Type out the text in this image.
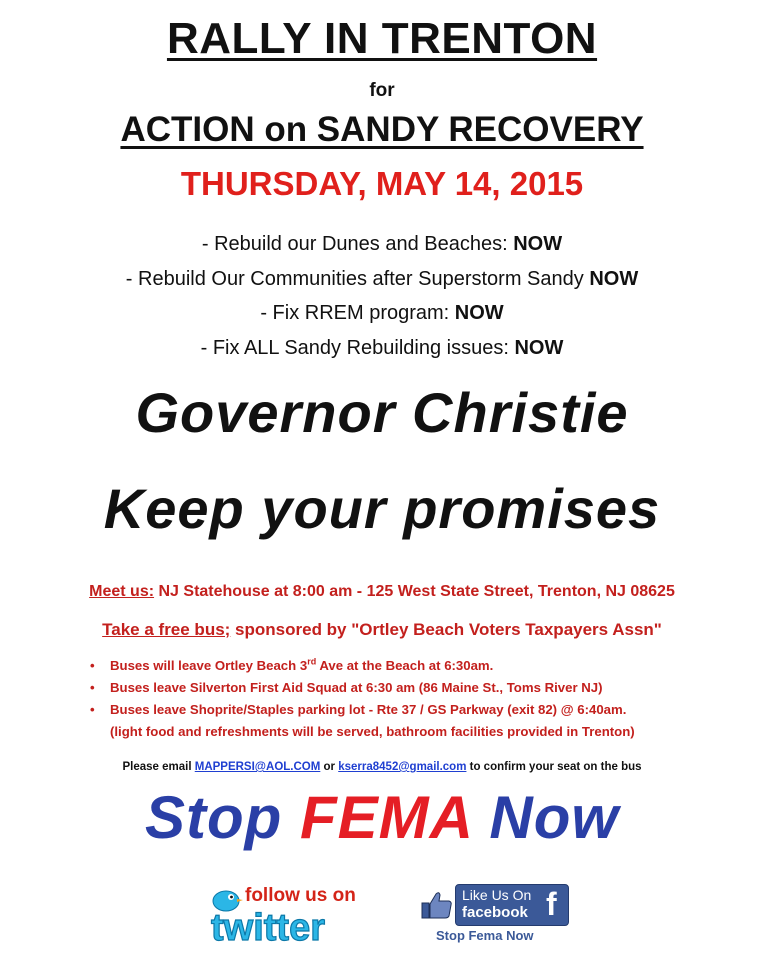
RALLY IN TRENTON
for
ACTION on SANDY RECOVERY
THURSDAY, MAY 14, 2015
- Rebuild our Dunes and Beaches: NOW
- Rebuild Our Communities after Superstorm Sandy NOW
- Fix RREM program: NOW
- Fix ALL Sandy Rebuilding issues: NOW
Governor Christie
Keep your promises
Meet us: NJ Statehouse at 8:00 am - 125 West State Street, Trenton, NJ 08625
Take a free bus; sponsored by "Ortley Beach Voters Taxpayers Assn"
• Buses will leave Ortley Beach 3rd Ave at the Beach at 6:30am.
• Buses leave Silverton First Aid Squad at 6:30 am (86 Maine St., Toms River NJ)
• Buses leave Shoprite/Staples parking lot - Rte 37 / GS Parkway (exit 82) @ 6:40am.
(light food and refreshments will be served, bathroom facilities provided in Trenton)
Please email MAPPERSI@AOL.COM or kserra8452@gmail.com to confirm your seat on the bus
Stop FEMA Now
follow us on
twitter
Like Us On
facebook f
Stop Fema Now
